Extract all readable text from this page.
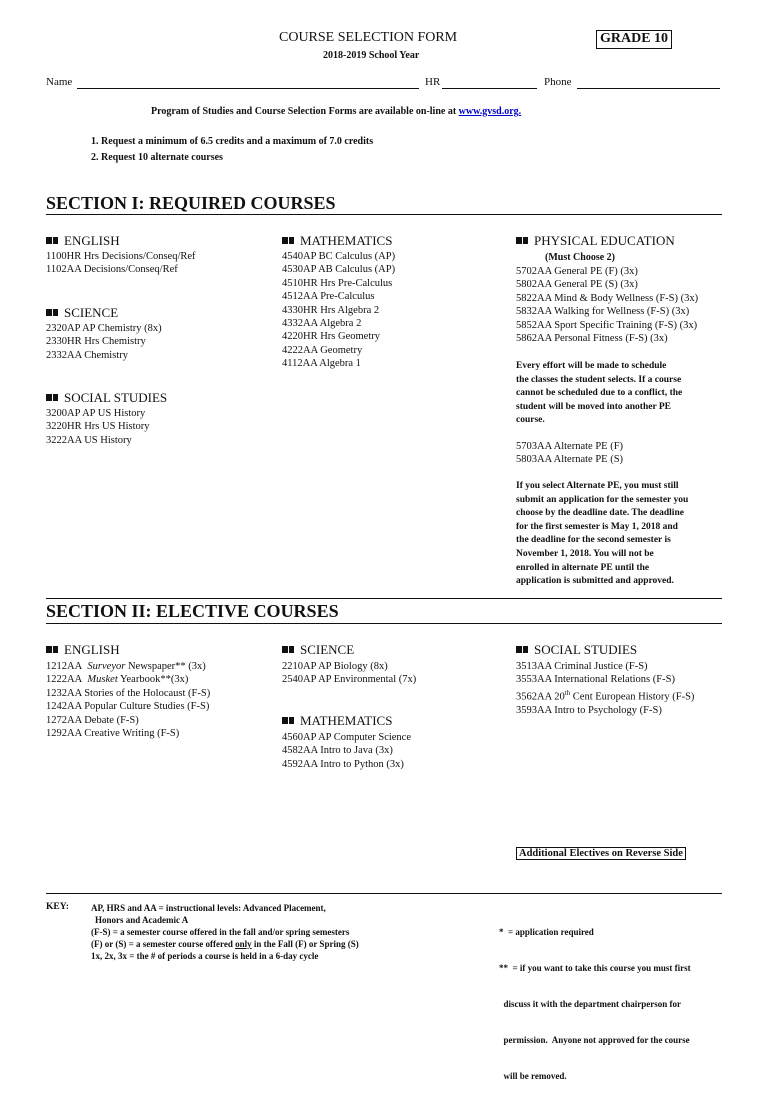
COURSE SELECTION FORM	GRADE 10
2018-2019 School Year
Name	HR	Phone
Program of Studies and Course Selection Forms are available on-line at www.gvsd.org.
1. Request a minimum of 6.5 credits and a maximum of 7.0 credits
2. Request 10 alternate courses
SECTION I: REQUIRED COURSES
ENGLISH
1100HR Hrs Decisions/Conseq/Ref
1102AA Decisions/Conseq/Ref
SCIENCE
2320AP AP Chemistry (8x)
2330HR Hrs Chemistry
2332AA Chemistry
SOCIAL STUDIES
3200AP AP US History
3220HR Hrs US History
3222AA US History
MATHEMATICS
4540AP BC Calculus (AP)
4530AP AB Calculus (AP)
4510HR Hrs Pre-Calculus
4512AA Pre-Calculus
4330HR Hrs Algebra 2
4332AA Algebra 2
4220HR Hrs Geometry
4222AA Geometry
4112AA Algebra 1
PHYSICAL EDUCATION
(Must Choose 2)
5702AA General PE (F) (3x)
5802AA General PE (S) (3x)
5822AA Mind & Body Wellness (F-S) (3x)
5832AA Walking for Wellness (F-S) (3x)
5852AA Sport Specific Training (F-S) (3x)
5862AA Personal Fitness (F-S) (3x)
Every effort will be made to schedule
the classes the student selects. If a course
cannot be scheduled due to a conflict, the
student will be moved into another PE
course.
5703AA Alternate PE (F)
5803AA Alternate PE (S)
If you select Alternate PE, you must still
submit an application for the semester you
choose by the deadline date. The deadline
for the first semester is May 1, 2018 and
the deadline for the second semester is
November 1, 2018. You will not be
enrolled in alternate PE until the
application is submitted and approved.
SECTION II: ELECTIVE COURSES
ENGLISH
1212AA Surveyor Newspaper** (3x)
1222AA Musket Yearbook**(3x)
1232AA Stories of the Holocaust (F-S)
1242AA Popular Culture Studies (F-S)
1272AA Debate (F-S)
1292AA Creative Writing (F-S)
SCIENCE
2210AP AP Biology (8x)
2540AP AP Environmental (7x)
MATHEMATICS
4560AP AP Computer Science
4582AA Intro to Java (3x)
4592AA Intro to Python (3x)
SOCIAL STUDIES
3513AA Criminal Justice (F-S)
3553AA International Relations (F-S)
3562AA 20th Cent European History (F-S)
3593AA Intro to Psychology (F-S)
Additional Electives on Reverse Side
KEY: AP, HRS and AA = instructional levels: Advanced Placement,
Honors and Academic A
(F-S) = a semester course offered in the fall and/or spring semesters
(F) or (S) = a semester course offered only in the Fall (F) or Spring (S)
1x, 2x, 3x = the # of periods a course is held in a 6-day cycle

*  = application required

**  = if you want to take this course you must first

discuss it with the department chairperson for

permission.  Anyone not approved for the course

will be removed.
